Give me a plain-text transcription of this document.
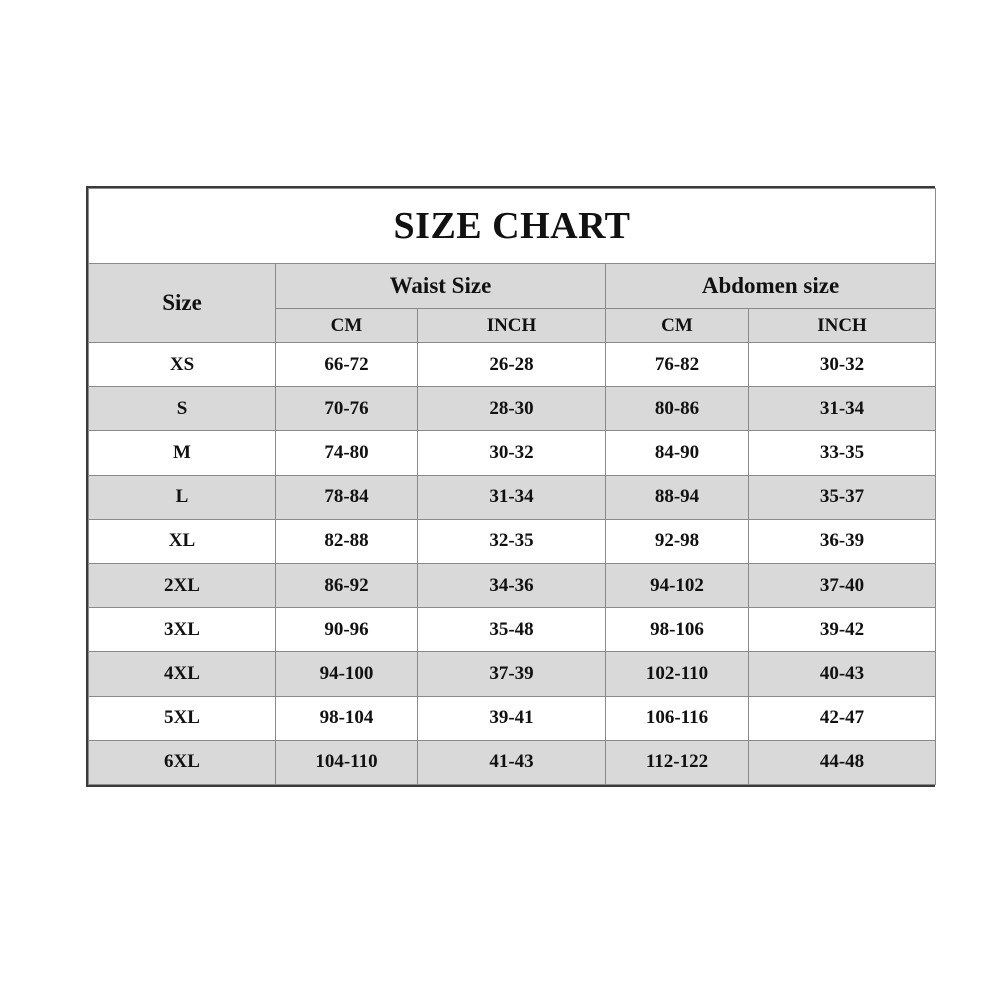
SIZE CHART				
Size	Waist Size		Abdomen size	
	CM	INCH	CM	INCH
XS	66-72	26-28	76-82	30-32
S	70-76	28-30	80-86	31-34
M	74-80	30-32	84-90	33-35
L	78-84	31-34	88-94	35-37
XL	82-88	32-35	92-98	36-39
2XL	86-92	34-36	94-102	37-40
3XL	90-96	35-48	98-106	39-42
4XL	94-100	37-39	102-110	40-43
5XL	98-104	39-41	106-116	42-47
6XL	104-110	41-43	112-122	44-48
